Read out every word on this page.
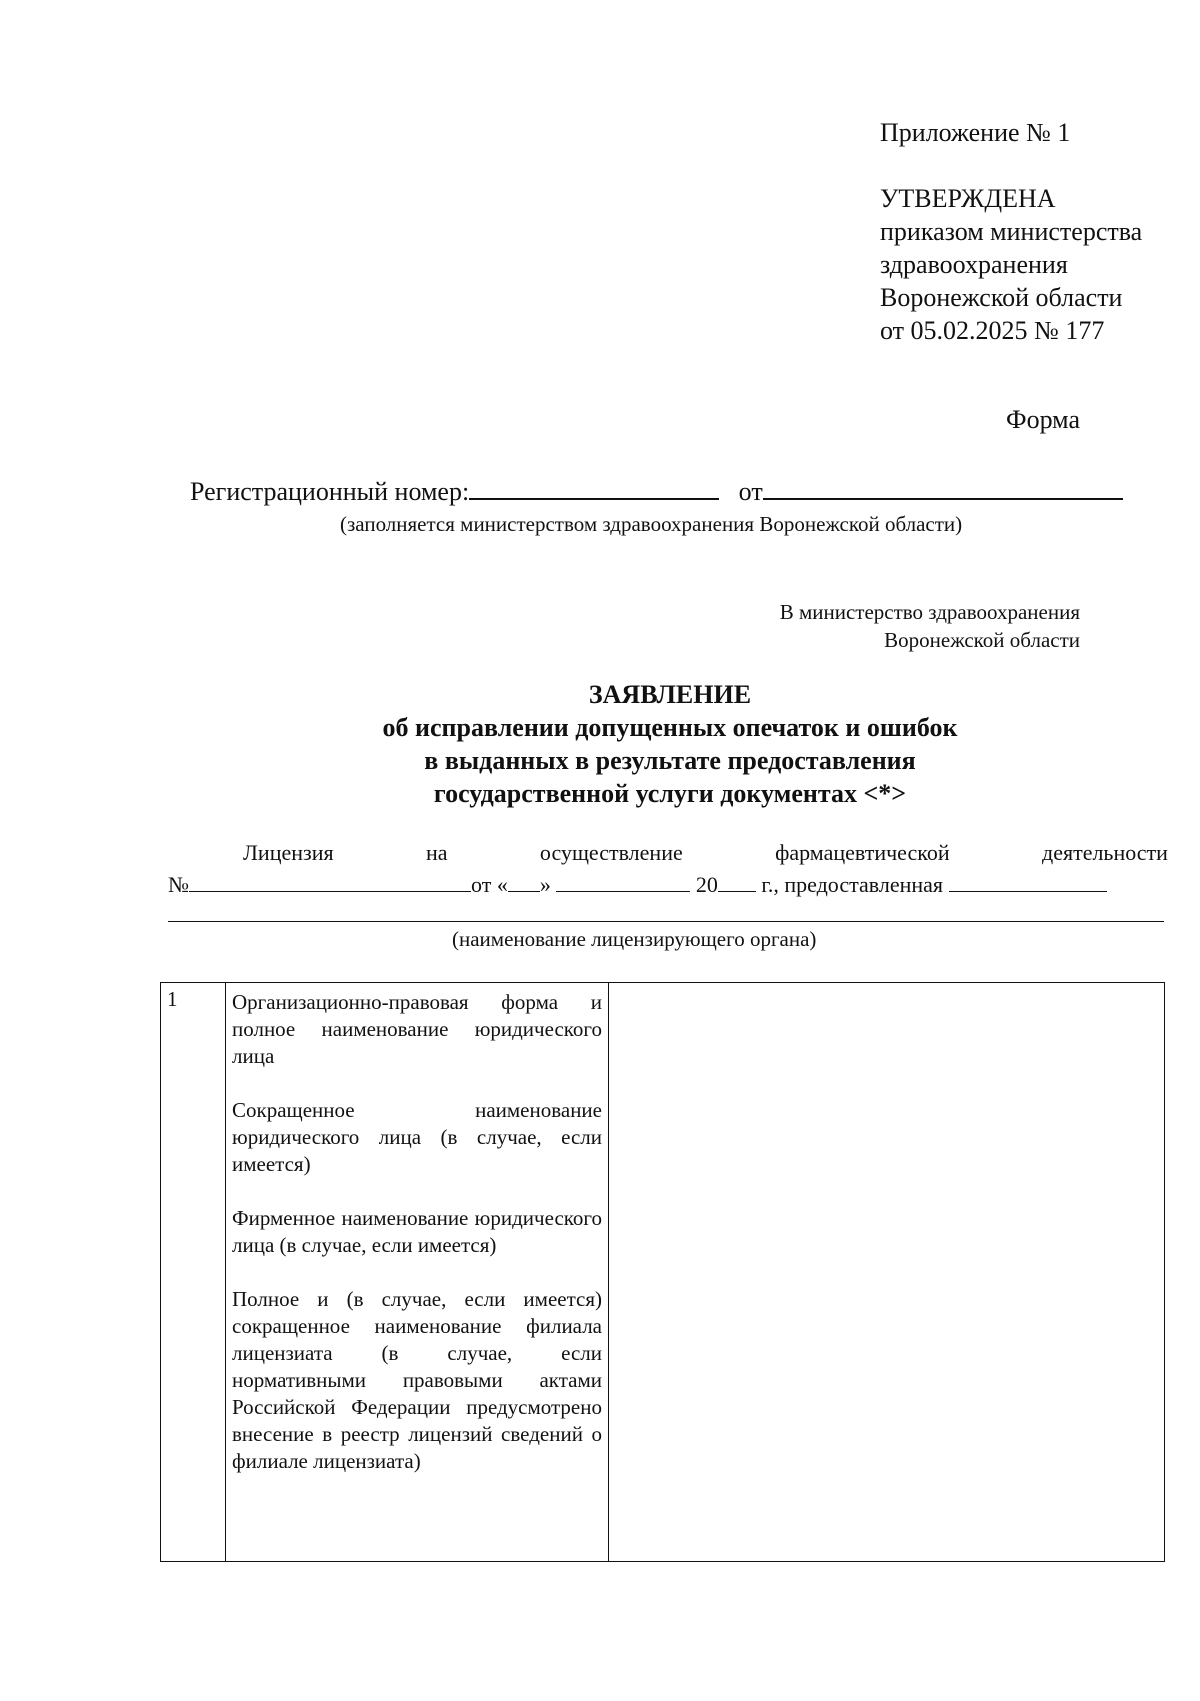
Приложение № 1
УТВЕРЖДЕНА
приказом министерства
здравоохранения
Воронежской области
от 05.02.2025 № 177
Форма
Регистрационный номер:	от
(заполняется министерством здравоохранения Воронежской области)
В министерство здравоохранения
Воронежской области
ЗАЯВЛЕНИЕ
об исправлении допущенных опечаток и ошибок
в выданных в результате предоставления
государственной услуги документах <*>
Лицензия	на	осуществление	фармацевтической	деятельности
№	от « »	20 г., предоставленная
(наименование лицензирующего органа)
1	Организационно-правовая форма и полное наименование юридического лица

Сокращенное наименование юридического лица (в случае, если имеется)

Фирменное наименование юридического лица (в случае, если имеется)

Полное и (в случае, если имеется) сокращенное наименование филиала лицензиата (в случае, если нормативными правовыми актами Российской Федерации предусмотрено внесение в реестр лицензий сведений о филиале лицензиата)
